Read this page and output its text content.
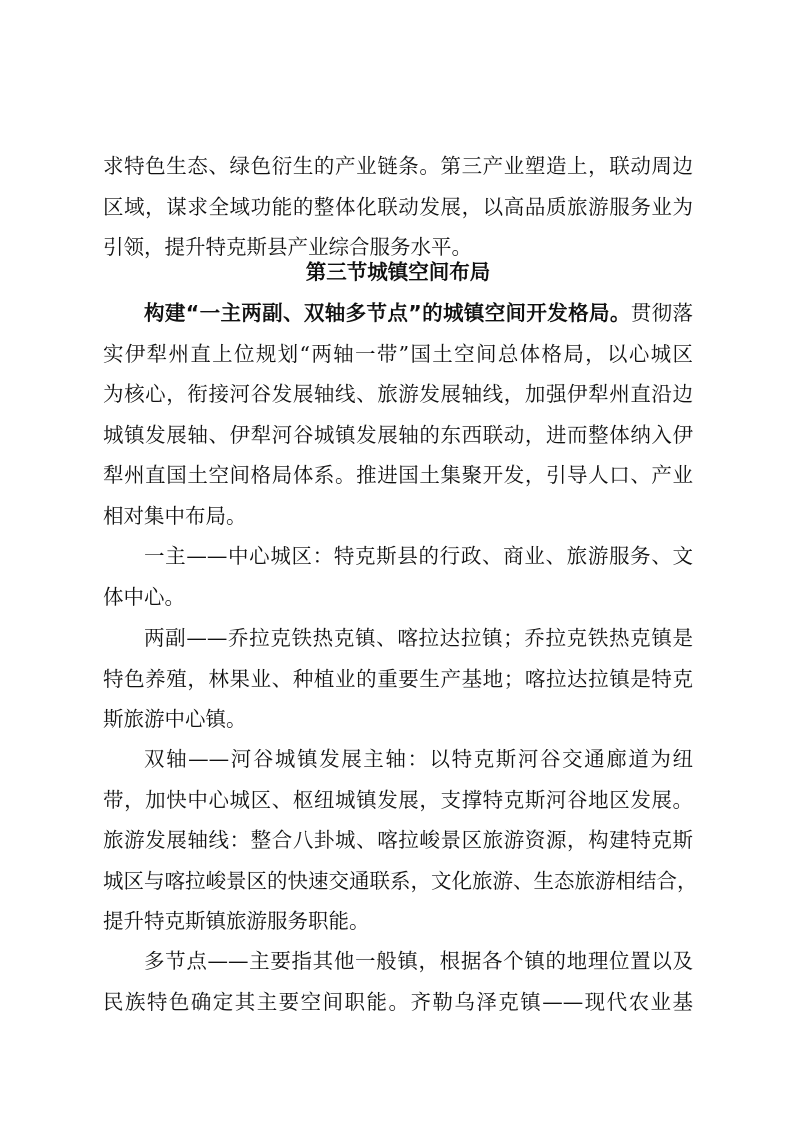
求特色生态、绿色衍生的产业链条。第三产业塑造上，联动周边
区域，谋求全域功能的整体化联动发展，以高品质旅游服务业为
引领，提升特克斯县产业综合服务水平。
第三节城镇空间布局
构建“一主两副、双轴多节点”的城镇空间开发格局。贯彻落
实伊犁州直上位规划“两轴一带”国土空间总体格局，以心城区
为核心，衔接河谷发展轴线、旅游发展轴线，加强伊犁州直沿边
城镇发展轴、伊犁河谷城镇发展轴的东西联动，进而整体纳入伊
犁州直国土空间格局体系。推进国土集聚开发，引导人口、产业
相对集中布局。
一主——中心城区：特克斯县的行政、商业、旅游服务、文
体中心。
两副——乔拉克铁热克镇、喀拉达拉镇；乔拉克铁热克镇是
特色养殖，林果业、种植业的重要生产基地；喀拉达拉镇是特克
斯旅游中心镇。
双轴——河谷城镇发展主轴：以特克斯河谷交通廊道为纽
带，加快中心城区、枢纽城镇发展，支撑特克斯河谷地区发展。
旅游发展轴线：整合八卦城、喀拉峻景区旅游资源，构建特克斯
城区与喀拉峻景区的快速交通联系，文化旅游、生态旅游相结合，
提升特克斯镇旅游服务职能。
多节点——主要指其他一般镇，根据各个镇的地理位置以及
民族特色确定其主要空间职能。齐勒乌泽克镇——现代农业基
